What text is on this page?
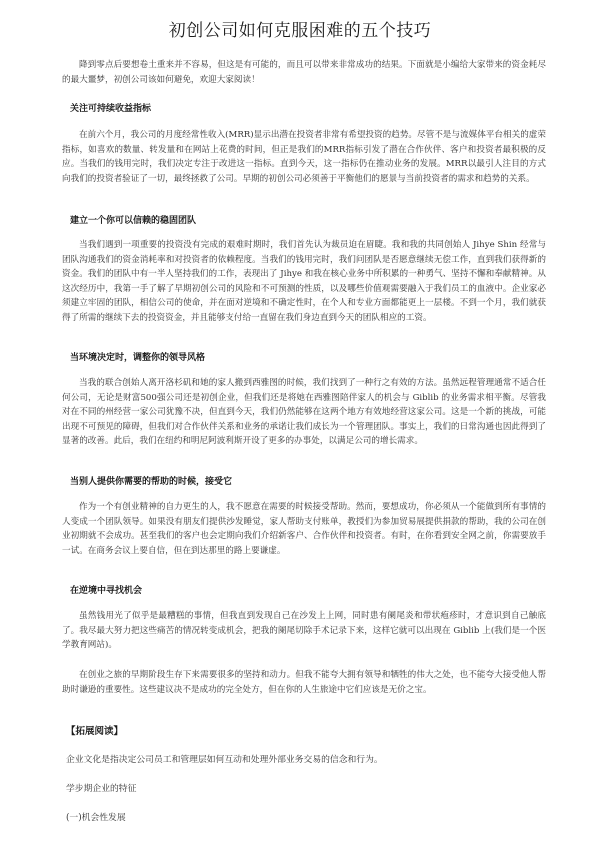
初创公司如何克服困难的五个技巧

降到零点后要想卷土重来并不容易，但这是有可能的，而且可以带来非常成功的结果。下面就是小编给大家带来的资金耗尽的最大噩梦，初创公司该如何避免，欢迎大家阅读！

关注可持续收益指标

在前六个月，我公司的月度经常性收入(MRR)显示出潜在投资者非常有希望投资的趋势。尽管不是与流媒体平台相关的虚荣指标，如喜欢的数量、转发量和在网站上花费的时间，但正是我们的MRR指标引发了潜在合作伙伴、客户和投资者最积极的反应。当我们的钱用完时，我们决定专注于改进这一指标。直到今天，这一指标仍在推动业务的发展。MRR以最引人注目的方式向我们的投资者验证了一切，最终拯救了公司。早期的初创公司必须善于平衡他们的愿景与当前投资者的需求和趋势的关系。

建立一个你可以信赖的稳固团队

当我们遇到一项重要的投资没有完成的艰难时期时，我们首先认为裁员迫在眉睫。我和我的共同创始人 Jihye Shin 经常与团队沟通我们的资金消耗率和对投资者的依赖程度。当我们的钱用完时，我们问团队是否愿意继续无偿工作，直到我们获得新的资金。我们的团队中有一半人坚持我们的工作，表现出了 Jihye 和我在核心业务中所积累的一种勇气、坚持不懈和奉献精神。从这次经历中，我第一手了解了早期初创公司的风险和不可预测的性质，以及哪些价值观需要融入于我们员工的血液中。企业家必须建立牢固的团队，相信公司的使命，并在面对逆境和不确定性时，在个人和专业方面都能更上一层楼。不到一个月，我们就获得了所需的继续下去的投资资金，并且能够支付给一直留在我们身边直到今天的团队相应的工资。

当环境决定时，调整你的领导风格

当我的联合创始人离开洛杉矶和她的家人搬到西雅图的时候，我们找到了一种行之有效的方法。虽然远程管理通常不适合任何公司，无论是财富500强公司还是初创企业，但我们还是将她在西雅图陪伴家人的机会与 Giblib 的业务需求相平衡。尽管我对在不同的州经营一家公司犹豫不决，但直到今天，我们仍然能够在这两个地方有效地经营这家公司。这是一个新的挑战，可能出现不可预见的障碍，但我们对合作伙伴关系和业务的承诺让我们成长为一个管理团队。事实上，我们的日常沟通也因此得到了显著的改善。此后，我们在纽约和明尼阿波利斯开设了更多的办事处，以满足公司的增长需求。

当别人提供你需要的帮助的时候，接受它

作为一个有创业精神的自力更生的人，我不愿意在需要的时候接受帮助。然而，要想成功，你必须从一个能做到所有事情的人变成一个团队领导。如果没有朋友们提供沙发睡觉，家人帮助支付账单，教授们为参加贸易展提供捐款的帮助，我的公司在创业初期就不会成功。甚至我们的客户也会定期向我们介绍新客户、合作伙伴和投资者。有时，在你看到安全网之前，你需要放手一试。在商务会议上要自信，但在到达那里的路上要谦虚。

在逆境中寻找机会

虽然钱用光了似乎是最糟糕的事情，但我直到发现自己在沙发上上网，同时患有阑尾炎和带状疱疹时，才意识到自己触底了。我尽最大努力把这些痛苦的情况转变成机会，把我的阑尾切除手术记录下来，这样它就可以出现在 Giblib 上(我们是一个医学教育网站)。

在创业之旅的早期阶段生存下来需要很多的坚持和动力。但我不能夸大拥有领导和牺牲的伟大之处，也不能夸大接受他人帮助时谦逊的重要性。这些建议决不是成功的完全处方，但在你的人生旅途中它们应该是无价之宝。

【拓展阅读】

企业文化是指决定公司员工和管理层如何互动和处理外部业务交易的信念和行为。

学步期企业的特征

(一)机会性发展
